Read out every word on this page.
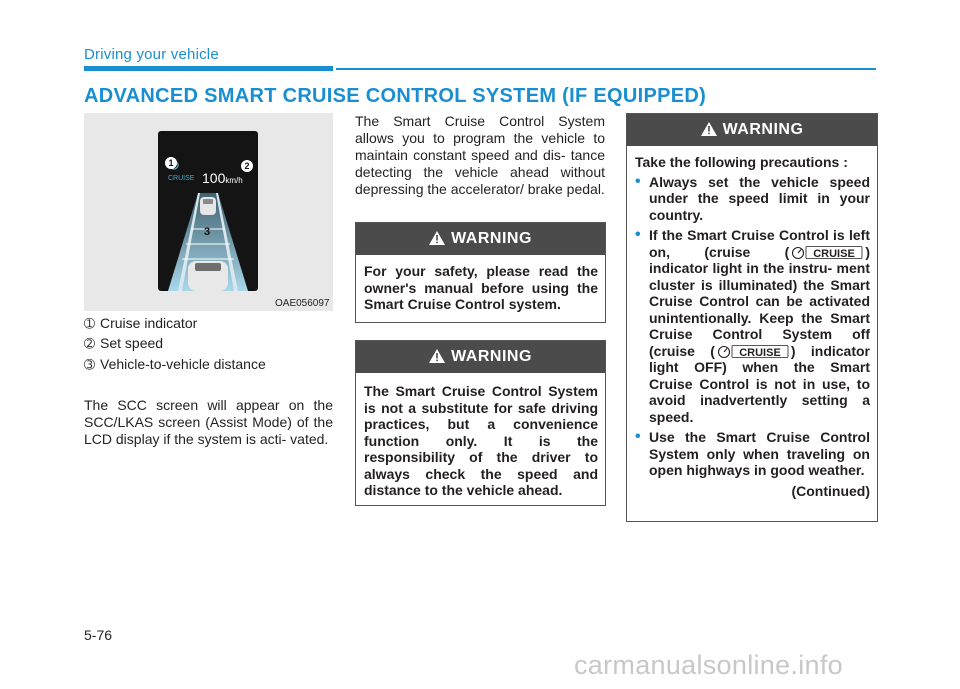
Driving your vehicle
ADVANCED SMART CRUISE CONTROL SYSTEM (IF EQUIPPED)
CRUISE 100km/h
1	2
3
OAE056097
➀ Cruise indicator
➁ Set speed
➂ Vehicle-to-vehicle distance

The SCC screen will appear on the SCC/LKAS screen (Assist Mode) of the LCD display if the system is acti- vated.

The Smart Cruise Control System allows you to program the vehicle to maintain constant speed and dis- tance detecting the vehicle ahead without depressing the accelerator/ brake pedal.

WARNING
For your safety, please read the owner's manual before using the Smart Cruise Control system.
WARNING
The Smart Cruise Control System is not a substitute for safe driving practices, but a convenience function only. It is the responsibility of the driver to always check the speed and distance to the vehicle ahead.
WARNING
Take the following precautions :
• Always set the vehicle speed under the speed limit in your country.
• If the Smart Cruise Control is left on, (cruise ( CRUISE ) indicator light in the instru- ment cluster is illuminated) the Smart Cruise Control can be activated unintentionally. Keep the Smart Cruise Control System off (cruise ( CRUISE ) indicator light OFF) when the Smart Cruise Control is not in use, to avoid inadvertently setting a speed.
• Use the Smart Cruise Control System only when traveling on open highways in good weather.
(Continued)
5-76
carmanualsonline.info
